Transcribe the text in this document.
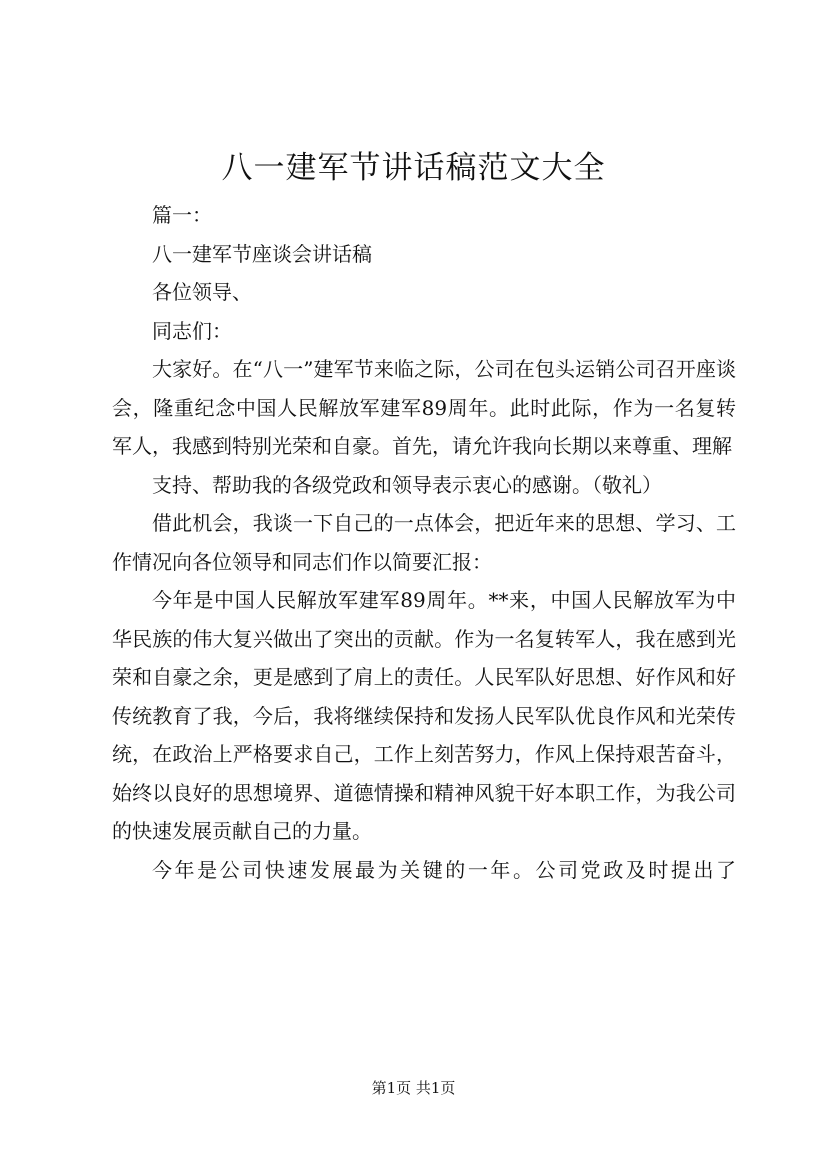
八一建军节讲话稿范文大全

篇一：

八一建军节座谈会讲话稿

各位领导、

同志们：

大家好。在“八一”建军节来临之际，公司在包头运销公司召开座谈会，隆重纪念中国人民解放军建军89周年。此时此际，作为一名复转军人，我感到特别光荣和自豪。首先，请允许我向长期以来尊重、理解

支持、帮助我的各级党政和领导表示衷心的感谢。（敬礼）

借此机会，我谈一下自己的一点体会，把近年来的思想、学习、工作情况向各位领导和同志们作以简要汇报：

今年是中国人民解放军建军89周年。**来，中国人民解放军为中华民族的伟大复兴做出了突出的贡献。作为一名复转军人，我在感到光荣和自豪之余，更是感到了肩上的责任。人民军队好思想、好作风和好传统教育了我，今后，我将继续保持和发扬人民军队优良作风和光荣传统，在政治上严格要求自己，工作上刻苦努力，作风上保持艰苦奋斗，始终以良好的思想境界、道德情操和精神风貌干好本职工作，为我公司的快速发展贡献自己的力量。

今年是公司快速发展最为关键的一年。公司党政及时提出了

第1页 共1页
